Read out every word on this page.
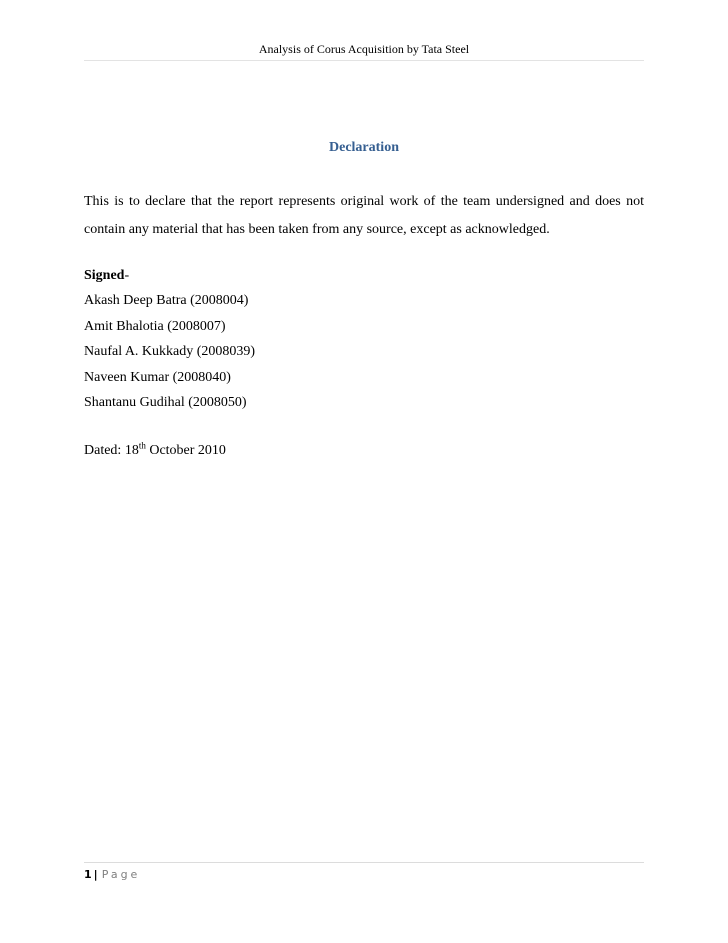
Analysis of Corus Acquisition by Tata Steel
Declaration
This is to declare that the report represents original work of the team undersigned and does not contain any material that has been taken from any source, except as acknowledged.
Signed-
Akash Deep Batra (2008004)
Amit Bhalotia (2008007)
Naufal A. Kukkady (2008039)
Naveen Kumar (2008040)
Shantanu Gudihal (2008050)
Dated: 18th October 2010
1 | Page
